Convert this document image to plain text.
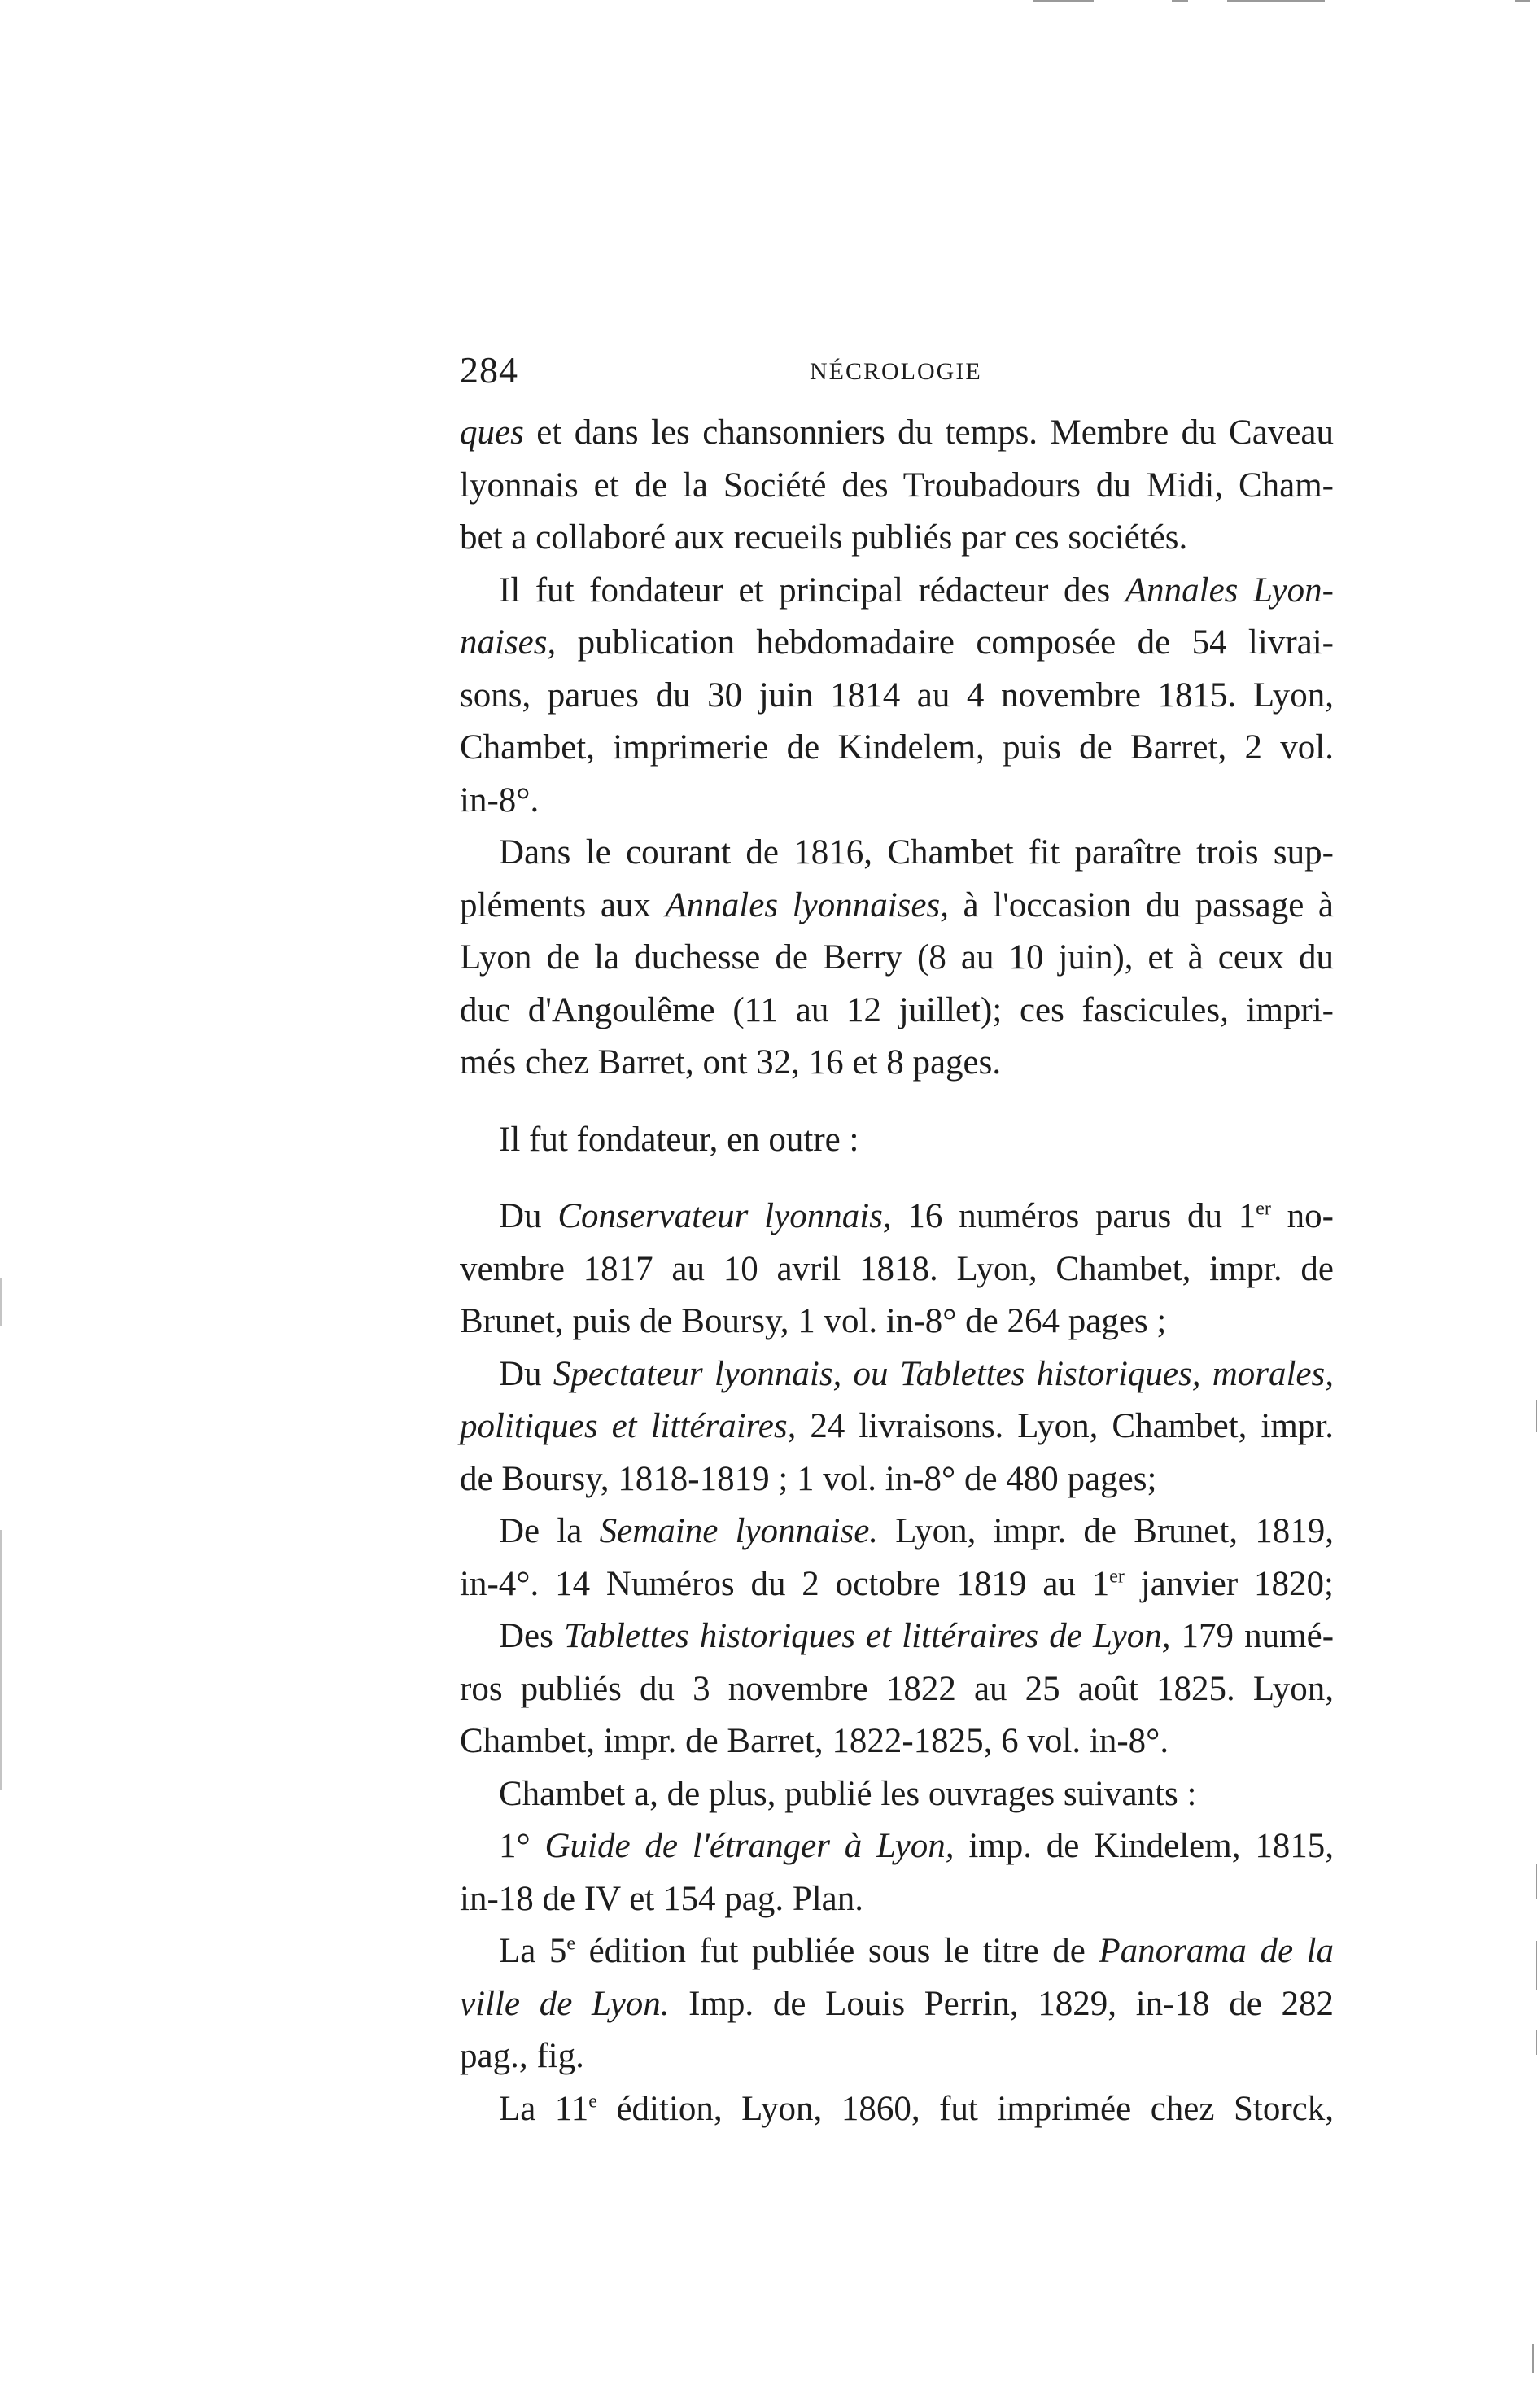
284	NÉCROLOGIE
ques et dans les chansonniers du temps. Membre du Caveau
lyonnais et de la Société des Troubadours du Midi, Cham-
bet a collaboré aux recueils publiés par ces sociétés.
Il fut fondateur et principal rédacteur des Annales Lyon-
naises, publication hebdomadaire composée de 54 livrai-
sons, parues du 30 juin 1814 au 4 novembre 1815. Lyon,
Chambet, imprimerie de Kindelem, puis de Barret, 2 vol.
in-8°.
Dans le courant de 1816, Chambet fit paraître trois sup-
pléments aux Annales lyonnaises, à l'occasion du passage à
Lyon de la duchesse de Berry (8 au 10 juin), et à ceux du
duc d'Angoulême (11 au 12 juillet); ces fascicules, impri-
més chez Barret, ont 32, 16 et 8 pages.
Il fut fondateur, en outre :
Du Conservateur lyonnais, 16 numéros parus du 1er no-
vembre 1817 au 10 avril 1818. Lyon, Chambet, impr. de
Brunet, puis de Boursy, 1 vol. in-8° de 264 pages ;
Du Spectateur lyonnais, ou Tablettes historiques, morales,
politiques et littéraires, 24 livraisons. Lyon, Chambet, impr.
de Boursy, 1818-1819 ; 1 vol. in-8° de 480 pages;
De la Semaine lyonnaise. Lyon, impr. de Brunet, 1819,
in-4°. 14 Numéros du 2 octobre 1819 au 1er janvier 1820;
Des Tablettes historiques et littéraires de Lyon, 179 numé-
ros publiés du 3 novembre 1822 au 25 août 1825. Lyon,
Chambet, impr. de Barret, 1822-1825, 6 vol. in-8°.
Chambet a, de plus, publié les ouvrages suivants :
1° Guide de l'étranger à Lyon, imp. de Kindelem, 1815,
in-18 de IV et 154 pag. Plan.
La 5e édition fut publiée sous le titre de Panorama de la
ville de Lyon. Imp. de Louis Perrin, 1829, in-18 de 282
pag., fig.
La 11e édition, Lyon, 1860, fut imprimée chez Storck,
